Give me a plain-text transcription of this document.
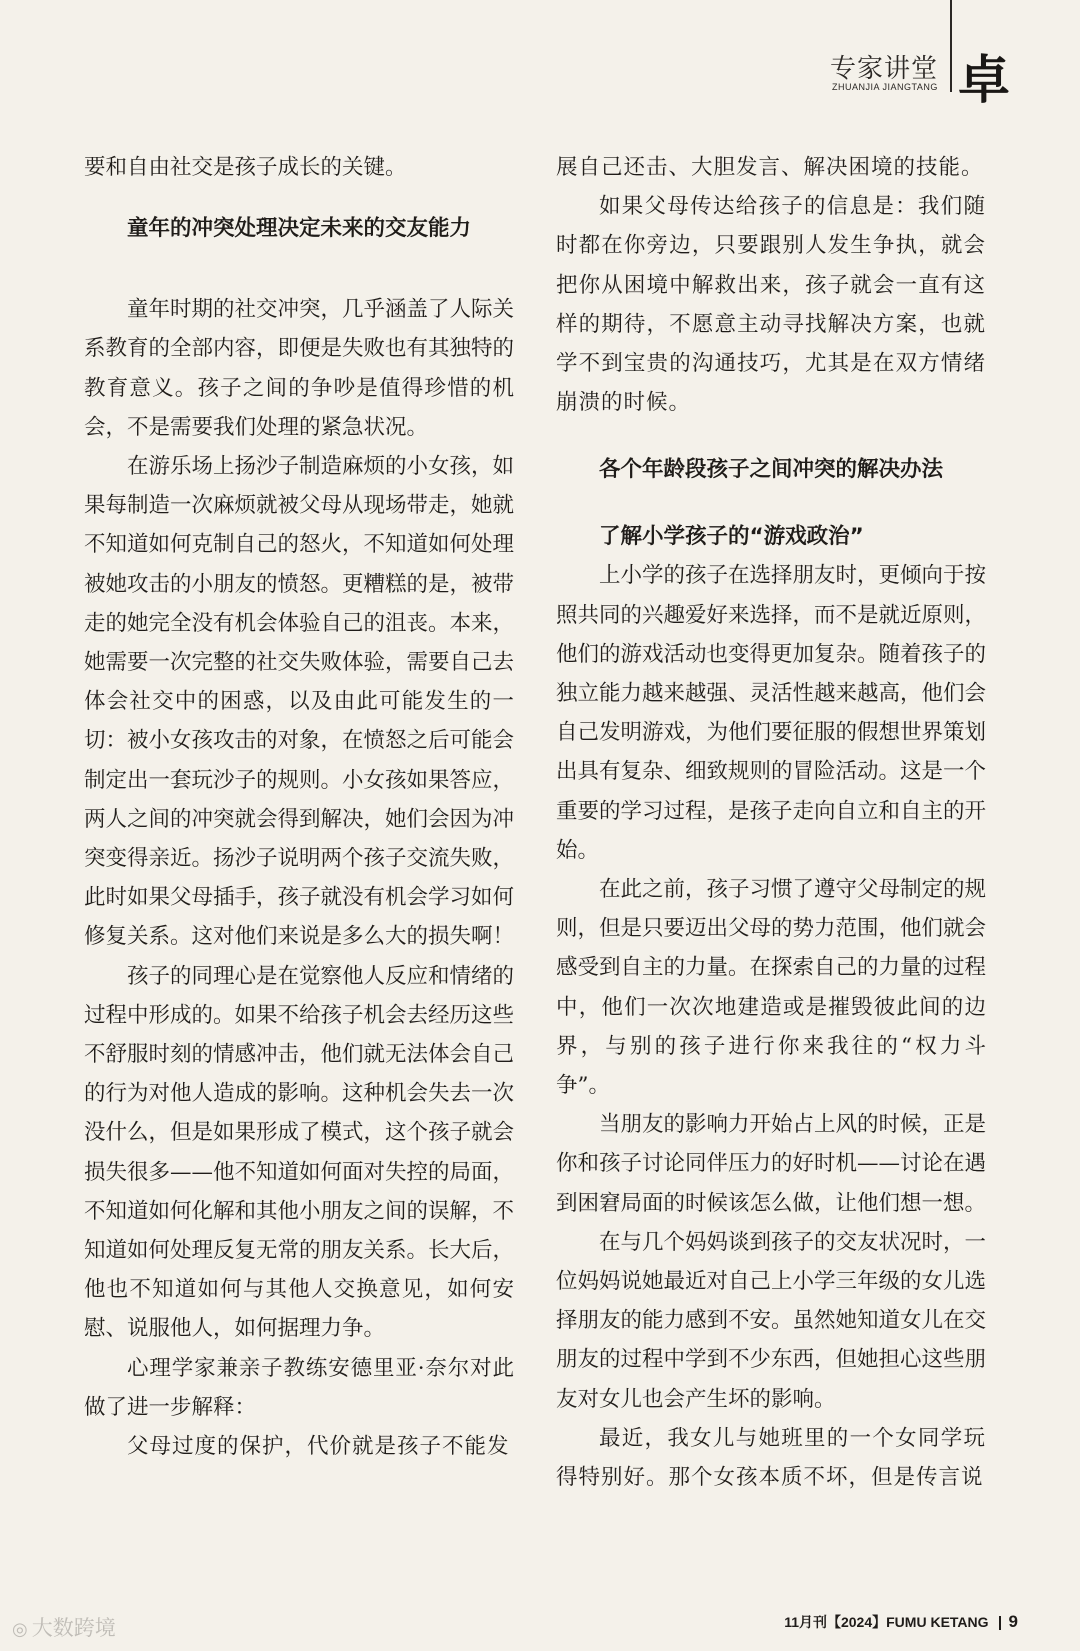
专家讲堂
ZHUANJIA JIANGTANG 卓

要和自由社交是孩子成长的关键。

童年的冲突处理决定未来的交友能力

童年时期的社交冲突，几乎涵盖了人际关系教育的全部内容，即便是失败也有其独特的教育意义。孩子之间的争吵是值得珍惜的机会，不是需要我们处理的紧急状况。

在游乐场上扬沙子制造麻烦的小女孩，如果每制造一次麻烦就被父母从现场带走，她就不知道如何克制自己的怒火，不知道如何处理被她攻击的小朋友的愤怒。更糟糕的是，被带走的她完全没有机会体验自己的沮丧。本来，她需要一次完整的社交失败体验，需要自己去体会社交中的困惑，以及由此可能发生的一切：被小女孩攻击的对象，在愤怒之后可能会制定出一套玩沙子的规则。小女孩如果答应，两人之间的冲突就会得到解决，她们会因为冲突变得亲近。扬沙子说明两个孩子交流失败，此时如果父母插手，孩子就没有机会学习如何修复关系。这对他们来说是多么大的损失啊！

孩子的同理心是在觉察他人反应和情绪的过程中形成的。如果不给孩子机会去经历这些不舒服时刻的情感冲击，他们就无法体会自己的行为对他人造成的影响。这种机会失去一次没什么，但是如果形成了模式，这个孩子就会损失很多——他不知道如何面对失控的局面，不知道如何化解和其他小朋友之间的误解，不知道如何处理反复无常的朋友关系。长大后，他也不知道如何与其他人交换意见，如何安慰、说服他人，如何据理力争。

心理学家兼亲子教练安德里亚·奈尔对此做了进一步解释：

父母过度的保护，代价就是孩子不能发

展自己还击、大胆发言、解决困境的技能。

如果父母传达给孩子的信息是：我们随时都在你旁边，只要跟别人发生争执，就会把你从困境中解救出来，孩子就会一直有这样的期待，不愿意主动寻找解决方案，也就学不到宝贵的沟通技巧，尤其是在双方情绪崩溃的时候。

各个年龄段孩子之间冲突的解决办法
了解小学孩子的“游戏政治”

上小学的孩子在选择朋友时，更倾向于按照共同的兴趣爱好来选择，而不是就近原则，他们的游戏活动也变得更加复杂。随着孩子的独立能力越来越强、灵活性越来越高，他们会自己发明游戏，为他们要征服的假想世界策划出具有复杂、细致规则的冒险活动。这是一个重要的学习过程，是孩子走向自立和自主的开始。

在此之前，孩子习惯了遵守父母制定的规则，但是只要迈出父母的势力范围，他们就会感受到自主的力量。在探索自己的力量的过程中，他们一次次地建造或是摧毁彼此间的边界，与别的孩子进行你来我往的“权力斗争”。

当朋友的影响力开始占上风的时候，正是你和孩子讨论同伴压力的好时机——讨论在遇到困窘局面的时候该怎么做，让他们想一想。

在与几个妈妈谈到孩子的交友状况时，一位妈妈说她最近对自己上小学三年级的女儿选择朋友的能力感到不安。虽然她知道女儿在交朋友的过程中学到不少东西，但她担心这些朋友对女儿也会产生坏的影响。

最近，我女儿与她班里的一个女同学玩得特别好。那个女孩本质不坏，但是传言说

◎ 大数跨境	11月刊【2024】FUMU KETANG 9
